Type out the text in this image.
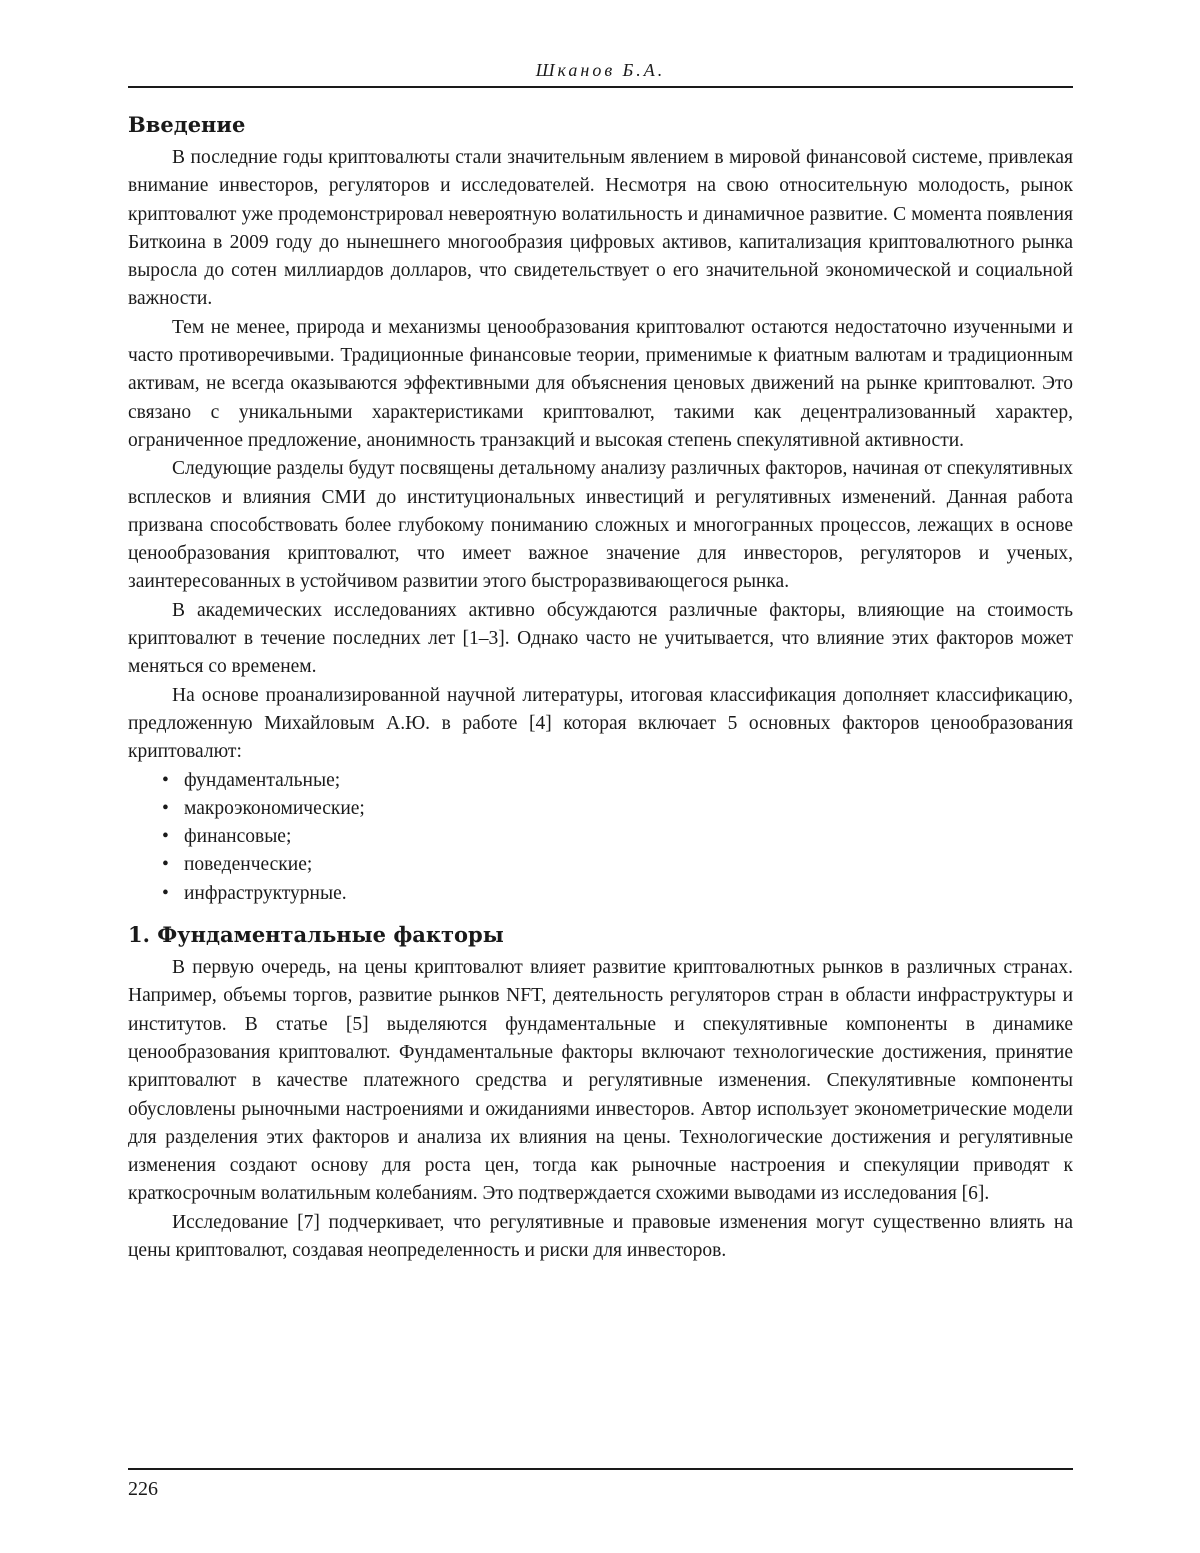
Шканов Б.А.
Введение

В последние годы криптовалюты стали значительным явлением в мировой финансовой системе, привлекая внимание инвесторов, регуляторов и исследователей. Несмотря на свою относительную молодость, рынок криптовалют уже продемонстрировал невероятную волатильность и динамичное развитие. С момента появления Биткоина в 2009 году до нынешнего многообразия цифровых активов, капитализация криптовалютного рынка выросла до сотен миллиардов долларов, что свидетельствует о его значительной экономической и социальной важности.

Тем не менее, природа и механизмы ценообразования криптовалют остаются недостаточно изученными и часто противоречивыми. Традиционные финансовые теории, применимые к фиатным валютам и традиционным активам, не всегда оказываются эффективными для объяснения ценовых движений на рынке криптовалют. Это связано с уникальными характеристиками криптовалют, такими как децентрализованный характер, ограниченное предложение, анонимность транзакций и высокая степень спекулятивной активности.

Следующие разделы будут посвящены детальному анализу различных факторов, начиная от спекулятивных всплесков и влияния СМИ до институциональных инвестиций и регулятивных изменений. Данная работа призвана способствовать более глубокому пониманию сложных и многогранных процессов, лежащих в основе ценообразования криптовалют, что имеет важное значение для инвесторов, регуляторов и ученых, заинтересованных в устойчивом развитии этого быстроразвивающегося рынка.

В академических исследованиях активно обсуждаются различные факторы, влияющие на стоимость криптовалют в течение последних лет [1–3]. Однако часто не учитывается, что влияние этих факторов может меняться со временем.

На основе проанализированной научной литературы, итоговая классификация дополняет классификацию, предложенную Михайловым А.Ю. в работе [4] которая включает 5 основных факторов ценообразования криптовалют:

• фундаментальные;
• макроэкономические;
• финансовые;
• поведенческие;
• инфраструктурные.
1. Фундаментальные факторы

В первую очередь, на цены криптовалют влияет развитие криптовалютных рынков в различных странах. Например, объемы торгов, развитие рынков NFT, деятельность регуляторов стран в области инфраструктуры и институтов. В статье [5] выделяются фундаментальные и спекулятивные компоненты в динамике ценообразования криптовалют. Фундаментальные факторы включают технологические достижения, принятие криптовалют в качестве платежного средства и регулятивные изменения. Спекулятивные компоненты обусловлены рыночными настроениями и ожиданиями инвесторов. Автор использует эконометрические модели для разделения этих факторов и анализа их влияния на цены. Технологические достижения и регулятивные изменения создают основу для роста цен, тогда как рыночные настроения и спекуляции приводят к краткосрочным волатильным колебаниям. Это подтверждается схожими выводами из исследования [6].

Исследование [7] подчеркивает, что регулятивные и правовые изменения могут существенно влиять на цены криптовалют, создавая неопределенность и риски для инвесторов.

226
